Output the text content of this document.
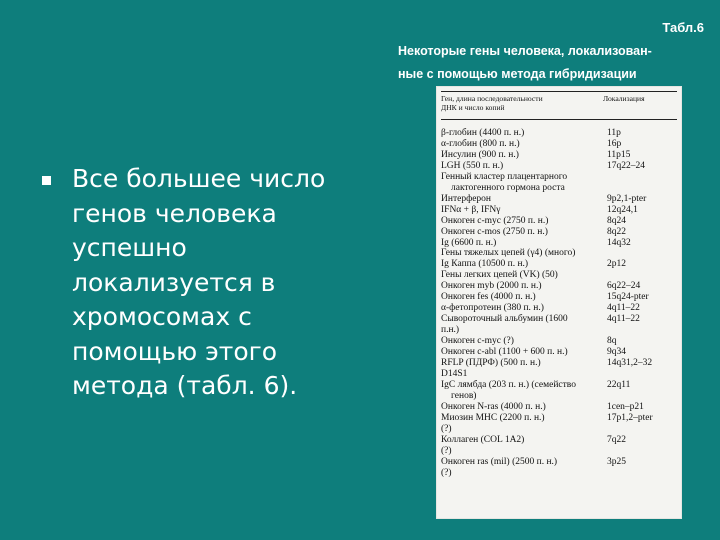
Табл.6
Некоторые гены человека, локализован-
ные с помощью метода гибридизации
Все большее число
генов человека
успешно
локализуется в
хромосомах с
помощью этого
метода (табл. 6).
Ген, длина последовательности
ДНК и число копий
Локализация
β-глобин (4400 п. н.)	11p
α-глобин (800 п. н.)	16p
Инсулин (900 п. н.)	11p15
LGH (550 п. н.)	17q22–24
Генный кластер плацентарного
лактогенного гормона роста
Интерферон	9p2,1-pter
IFNα + β, IFNγ	12q24,1
Онкоген c-myc (2750 п. н.)	8q24
Онкоген c-mos (2750 п. н.)	8q22
Ig (6600 п. н.)	14q32
Гены тяжелых цепей (γ4) (много)
Ig Каппа (10500 п. н.)	2p12
Гены легких цепей (VK) (50)
Онкоген myb (2000 п. н.)	6q22–24
Онкоген fes (4000 п. н.)	15q24-pter
α-фетопротеин (380 п. н.)	4q11–22
Сывороточный альбумин (1600	4q11–22
п.н.)
Онкоген c-myc (?)	8q
Онкоген c-abl (1100 + 600 п. н.)	9q34
RFLP (ПДРФ) (500 п. н.)	14q31,2–32
D14S1
IgC лямбда (203 п. н.) (семейство	22q11
генов)
Онкоген N-ras (4000 п. н.)	1cen–p21
Миозин МНС (2200 п. н.)	17p1,2–pter
(?)
Коллаген (COL 1A2)	7q22
(?)
Онкоген ras (mil) (2500 п. н.)	3p25
(?)
